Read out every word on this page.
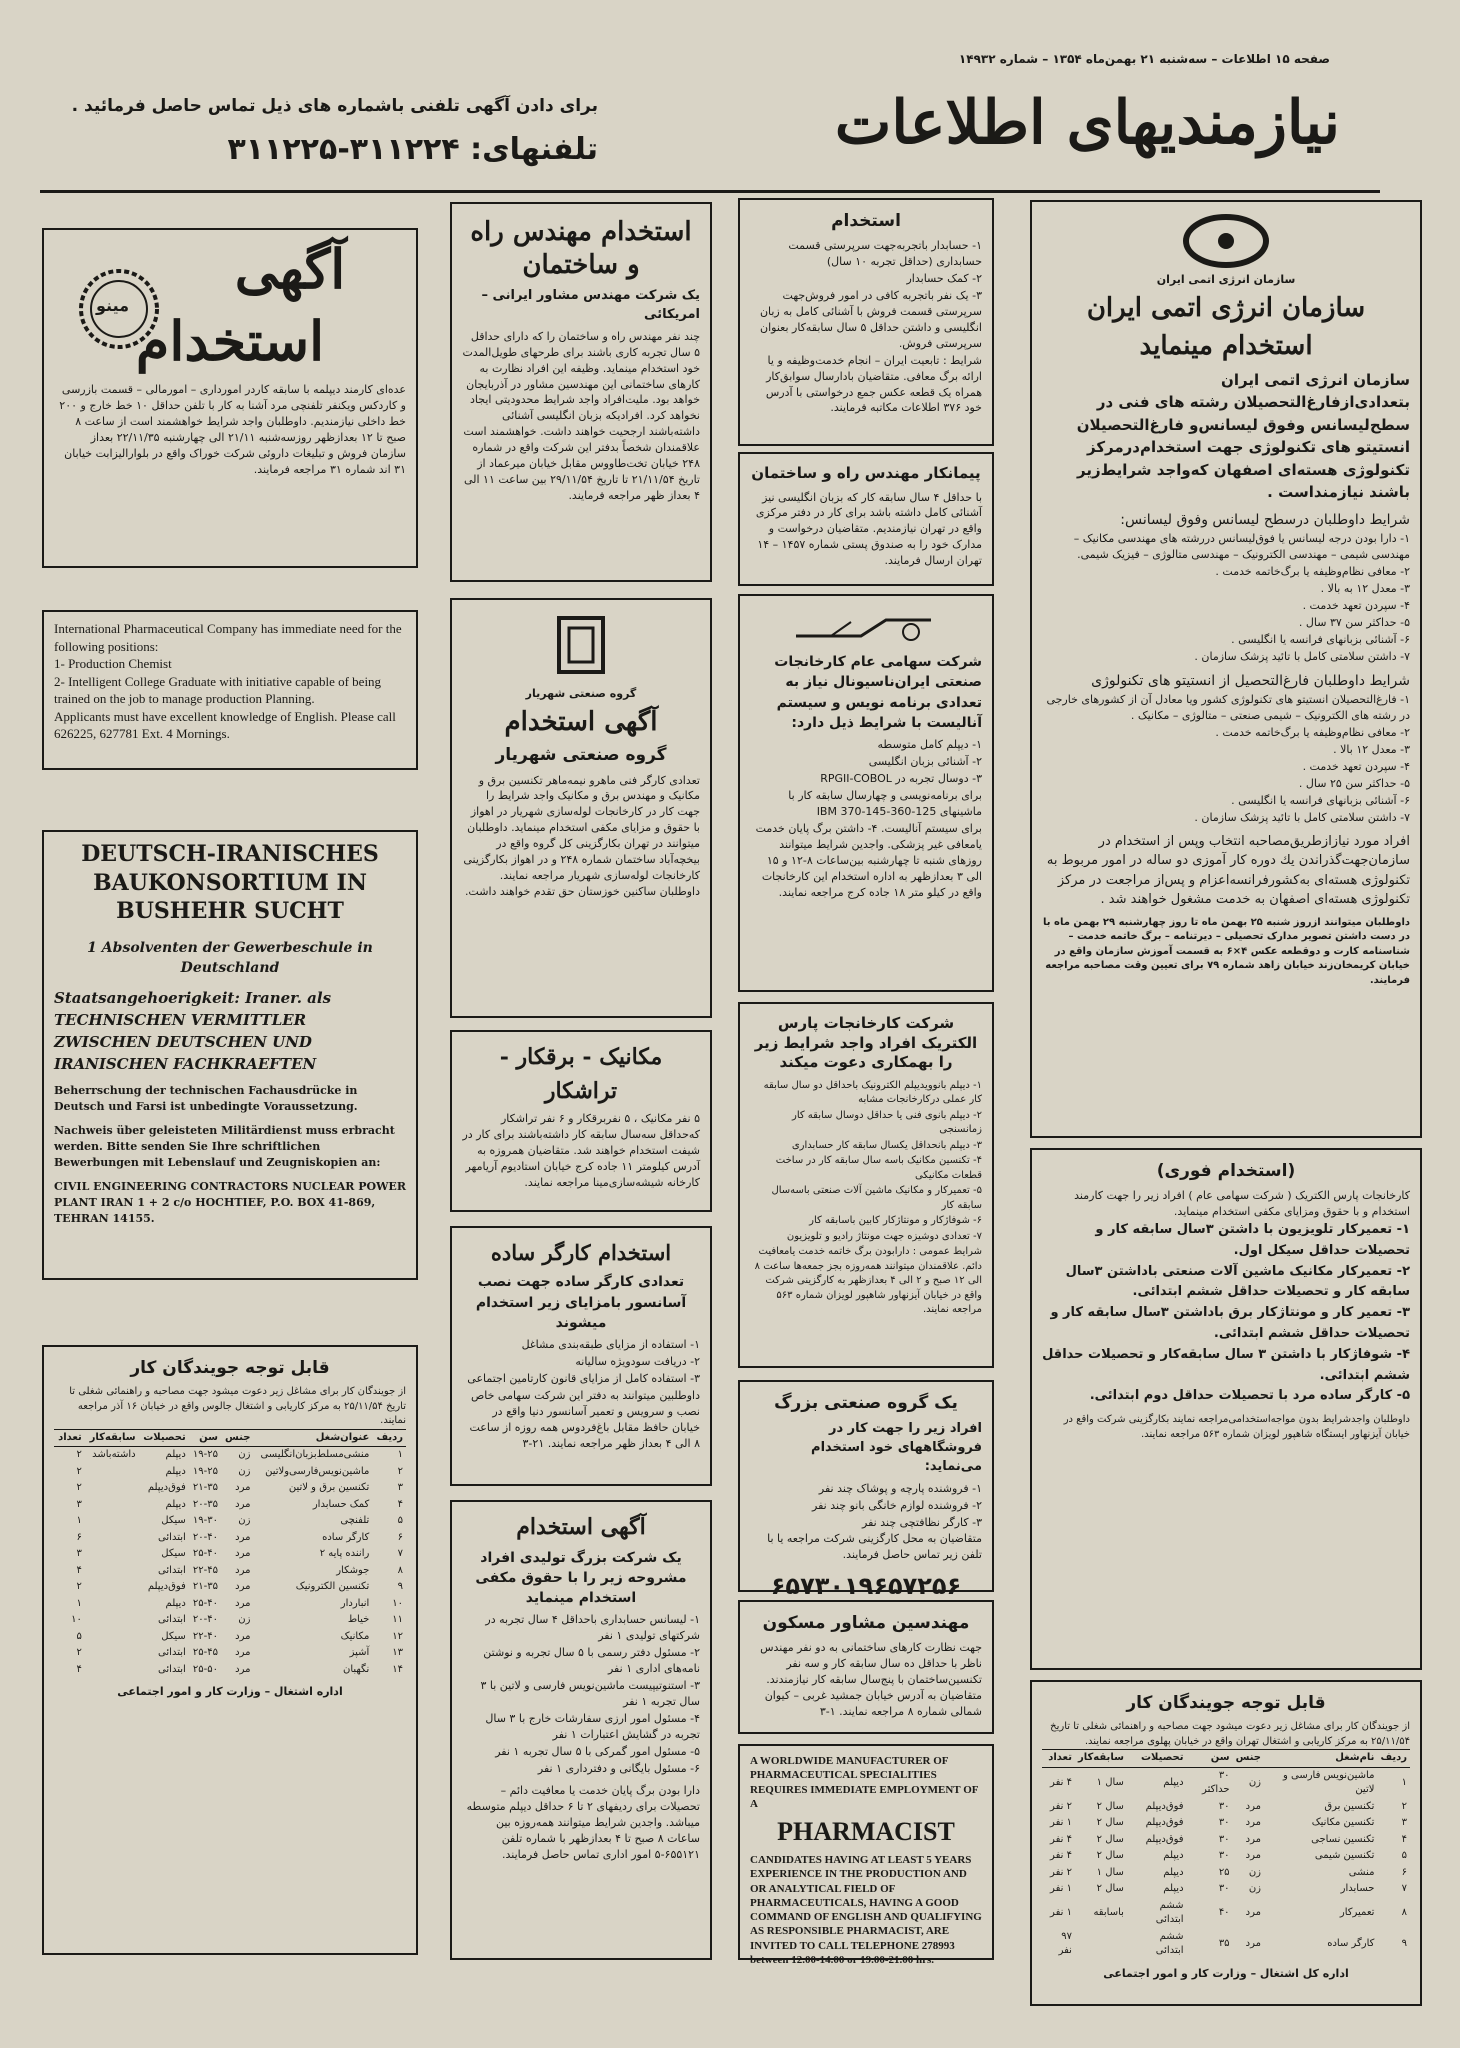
صفحه ۱۵ اطلاعات – سه‌شنبه ۲۱ بهمن‌ماه ۱۳۵۴ – شماره ۱۴۹۳۲
نیازمندیهای اطلاعات
برای دادن آگهی تلفنی باشماره های ذیل تماس حاصل فرمائید .
تلفنهای: ۳۱۱۲۲۴-۳۱۱۲۲۵
مینو
آگهی
استخدام
عده‌ای کارمند دیپلمه با سابقه کاردر امورداری – امورمالی – قسمت بازرسی و کاردکس ویکنفر تلفنچی مرد آشنا به کار با تلفن حداقل ۱۰ خط خارج و ۲۰۰ خط داخلی نیازمندیم. داوطلبان واجد شرایط خواهشمند است از ساعت ۸ صبح تا ۱۲ بعدازظهر روزسه‌شنبه ۲۱/۱۱ الی چهارشنبه ۲۲/۱۱/۳۵ بعداز سازمان فروش و تبلیغات داروئی شرکت خوراک واقع در بلوارالیزابت خیابان ۳۱ اند شماره ۳۱ مراجعه فرمایند.
International Pharmaceutical Company has immediate need for the following positions:
1- Production Chemist
2- Intelligent College Graduate with initiative capable of being trained on the job to manage production Planning.
Applicants must have excellent knowledge of English. Please call 626225, 627781 Ext. 4 Mornings.
DEUTSCH-IRANISCHES BAUKONSORTIUM IN BUSHEHR SUCHT
1 Absolventen der Gewerbeschule in Deutschland
Staatsangehoerigkeit: Iraner. als TECHNISCHEN VERMITTLER ZWISCHEN DEUTSCHEN UND IRANISCHEN FACHKRAEFTEN
Beherrschung der technischen Fachausdrücke in Deutsch und Farsi ist unbedingte Voraussetzung.
Nachweis über geleisteten Militärdienst muss erbracht werden. Bitte senden Sie Ihre schriftlichen Bewerbungen mit Lebenslauf und Zeugniskopien an:
CIVIL ENGINEERING CONTRACTORS NUCLEAR POWER PLANT IRAN 1 + 2 c/o HOCHTIEF, P.O. BOX 41-869, TEHRAN 14155.
قابل توجه جویندگان کار
از جویندگان کار برای مشاغل زیر دعوت میشود جهت مصاحبه و راهنمائی شغلی تا تاریخ ۲۵/۱۱/۵۴ به مرکز کاریابی و اشتغال جالوس واقع در خیابان ۱۶ آذر مراجعه نمایند.
ردیف	عنوان‌شغل	جنس	سن	تحصیلات	سابقه‌کار	تعداد
۱	منشی‌مسلط‌بزبان‌انگلیسی	زن	۱۹-۲۵	دیپلم	داشته‌باشد	۲
۲	ماشین‌نویس‌فارسی‌ولاتین	زن	۱۹-۲۵	دیپلم		۲
۳	تکنسین برق و لاتین	مرد	۲۱-۳۵	فوق‌دیپلم		۲
۴	کمک حسابدار	مرد	۲۰-۳۵	دیپلم		۳
۵	تلفنچی	زن	۱۹-۳۰	سیکل		۱
۶	کارگر ساده	مرد	۲۰-۴۰	ابتدائی		۶
۷	راننده پایه ۲	مرد	۲۵-۴۰	سیکل		۳
۸	جوشکار	مرد	۲۲-۴۵	ابتدائی		۴
۹	تکنسین الکترونیک	مرد	۲۱-۳۵	فوق‌دیپلم		۲
۱۰	انباردار	مرد	۲۵-۴۰	دیپلم		۱
۱۱	خیاط	زن	۲۰-۴۰	ابتدائی		۱۰
۱۲	مکانیک	مرد	۲۲-۴۰	سیکل		۵
۱۳	آشپز	مرد	۲۵-۴۵	ابتدائی		۲
۱۴	نگهبان	مرد	۲۵-۵۰	ابتدائی		۴
اداره اشتغال – وزارت کار و امور اجتماعی
استخدام مهندس راه و ساختمان
یک شرکت مهندس مشاور ایرانی – امریکائی
چند نفر مهندس راه و ساختمان را که دارای حداقل ۵ سال تجربه کاری باشند برای طرحهای طویل‌المدت خود استخدام مینماید. وظیفه این افراد نظارت به کارهای ساختمانی این مهندسین مشاور در آذربایجان خواهد بود. ملیت‌افراد واجد شرایط محدودیتی ایجاد نخواهد کرد. افرادیکه بزبان انگلیسی آشنائی داشته‌باشند ارجحیت خواهند داشت. خواهشمند است علاقمندان شخصاً بدفتر این شرکت واقع در شماره ۲۴۸ خیابان تخت‌طاووس مقابل خیابان میرعماد از تاریخ ۲۱/۱۱/۵۴ تا تاریخ ۲۹/۱۱/۵۴ بین ساعت ۱۱ الی ۴ بعداز ظهر مراجعه فرمایند.
گروه صنعتی شهریار
آگهی استخدام
گروه صنعتی شهریار
تعدادی کارگر فنی ماهرو نیمه‌ماهر تکنسین برق و مکانیک و مهندس برق و مکانیک واجد شرایط را جهت کار در کارخانجات لوله‌سازی شهریار در اهواز با حقوق و مزایای مکفی استخدام مینماید. داوطلبان میتوانند در تهران بکارگزینی کل گروه واقع در بیخچه‌آباد ساختمان شماره ۲۴۸ و در اهواز بکارگزینی کارخانجات لوله‌سازی شهریار مراجعه نمایند. داوطلبان ساکنین خوزستان حق تقدم خواهند داشت.
مکانیک - برقکار -
تراشکار
۵ نفر مکانیک ، ۵ نفربرقکار و ۶ نفر تراشکار که‌حداقل سه‌سال سابقه کار داشته‌باشند برای کار در شیفت استخدام خواهند شد. متقاضیان همروزه به آدرس کیلومتر ۱۱ جاده کرج خیابان استادیوم آریامهر کارخانه شیشه‌سازی‌مینا مراجعه نمایند.
استخدام کارگر ساده
تعدادی کارگر ساده جهت نصب آسانسور بامزایای زیر استخدام میشوند
۱- استفاده از مزایای طبقه‌بندی مشاغل
۲- دریافت سودویژه سالیانه
۳- استفاده کامل از مزایای قانون کارتامین اجتماعی
داوطلبین میتوانند به دفتر این شرکت سهامی خاص نصب و سرویس و تعمیر آسانسور دنیا واقع در خیابان حافظ مقابل باغ‌فردوس همه روزه از ساعت ۸ الی ۴ بعداز ظهر مراجعه نمایند. ۲۱-۳
آگهی استخدام
یک شرکت بزرگ تولیدی افراد مشروحه زیر را با حقوق مکفی استخدام مینماید
۱- لیسانس حسابداری باحداقل ۴ سال تجربه در شرکتهای تولیدی ۱ نفر
۲- مسئول دفتر رسمی با ۵ سال تجربه و نوشتن نامه‌های اداری ۱ نفر
۳- استنوتیپیست ماشین‌نویس فارسی و لاتین با ۳ سال تجربه ۱ نفر
۴- مسئول امور ارزی سفارشات خارج با ۳ سال تجربه در گشایش اعتبارات ۱ نفر
۵- مسئول امور گمرکی با ۵ سال تجربه ۱ نفر
۶- مسئول بایگانی و دفترداری ۱ نفر
دارا بودن برگ پایان خدمت یا معافیت دائم – تحصیلات برای ردیفهای ۲ تا ۶ حداقل دیپلم متوسطه میباشد. واجدین شرایط میتوانند همه‌روزه بین ساعات ۸ صبح تا ۴ بعدازظهر با شماره تلفن ۶۵۵۱۲۱-۵ امور اداری تماس حاصل فرمایند.
استخدام
۱- حسابدار باتجربه‌جهت سرپرستی قسمت حسابداری (حداقل تجربه ۱۰ سال)
۲- کمک حسابدار
۳- یک نفر باتجربه کافی در امور فروش‌جهت سرپرستی قسمت فروش با آشنائی کامل به زبان انگلیسی و داشتن حداقل ۵ سال سابقه‌کار بعنوان سرپرستی فروش.
شرایط : تابعیت ایران – انجام خدمت‌وظیفه و یا ارائه برگ معافی. متقاضیان بادارسال سوابق‌کار همراه یک قطعه عکس جمع درخواستی با آدرس خود ۳۷۶ اطلاعات مکاتبه فرمایند.
پیمانکار مهندس راه و ساختمان
با حداقل ۴ سال سابقه کار که بزبان انگلیسی نیز آشنائی کامل داشته باشد برای کار در دفتر مرکزی واقع در تهران نیازمندیم. متقاضیان درخواست و مدارک خود را به صندوق پستی شماره ۱۴۵۷ – ۱۴ تهران ارسال فرمایند.
شرکت سهامی عام کارخانجات صنعتی ایران‌ناسیونال نیاز به تعدادی برنامه نویس و سیستم آنالیست با شرایط ذیل دارد:
۱- دیپلم کامل متوسطه
۲- آشنائی بزبان انگلیسی
۳- دوسال تجربه در RPGII-COBOL
برای برنامه‌نویسی و چهارسال سابقه کار با ماشینهای IBM 370-145-360-125
برای سیستم آنالیست. ۴- داشتن برگ پایان خدمت یامعافی غیر پزشکی. واجدین شرایط میتوانند روزهای شنبه تا چهارشنبه بین‌ساعات ۸-۱۲ و ۱۵ الی ۳ بعدازظهر به اداره استخدام این کارخانجات واقع در کیلو متر ۱۸ جاده کرج مراجعه نمایند.
شرکت کارخانجات پارس الکتریک افراد واجد شرایط زیر را بهمکاری دعوت میکند
۱- دیپلم بانوویدیپلم الکترونیک باحداقل دو سال سابقه کار عملی درکارخانجات مشابه
۲- دیپلم بانوی فنی یا حداقل دوسال سابقه کار زمانسنجی
۳- دیپلم بانحداقل یکسال سابقه کار حسابداری
۴- تکنسین مکانیک باسه سال سابقه کار در ساخت قطعات مکانیکی
۵- تعمیرکار و مکانیک ماشین آلات صنعتی باسه‌سال سابقه کار
۶- شوفاژکار و مونتاژکار کابین باسابقه کار
۷- تعدادی دوشیزه جهت مونتاژ رادیو و تلویزیون
شرایط عمومی : دارابودن برگ خاتمه خدمت یامعافیت دائم. علاقمندان میتوانند همه‌روزه بجز جمعه‌ها ساعت ۸ الی ۱۲ صبح و ۲ الی ۴ بعدازظهر به کارگزینی شرکت واقع در خیابان آیزنهاور شاهپور لویزان شماره ۵۶۳ مراجعه نمایند.
یک گروه صنعتی بزرگ
افراد زیر را جهت کار در فروشگاههای خود استخدام می‌نماید:
۱- فروشنده پارچه و پوشاک چند نفر
۲- فروشنده لوازم خانگی بانو چند نفر
۳- کارگر نظافتچی چند نفر
متقاضیان به محل کارگزینی شرکت مراجعه یا با تلفن زیر تماس حاصل فرمایند.
۶۵۷۳۰۱۹۶۵۷۲۵۶
مهندسین مشاور مسکون
جهت نظارت کارهای ساختمانی به دو نفر مهندس ناظر با حداقل ده سال سابقه کار و سه نفر تکنسین‌ساختمان با پنج‌سال سابقه کار نیازمندند. متقاضیان به آدرس خیابان جمشید غربی – کیوان شمالی شماره ۸ مراجعه نمایند. ۱-۳
A WORLDWIDE MANUFACTURER OF PHARMACEUTICAL SPECIALITIES REQUIRES IMMEDIATE EMPLOYMENT OF A
PHARMACIST
CANDIDATES HAVING AT LEAST 5 YEARS EXPERIENCE IN THE PRODUCTION AND OR ANALYTICAL FIELD OF PHARMACEUTICALS, HAVING A GOOD COMMAND OF ENGLISH AND QUALIFYING AS RESPONSIBLE PHARMACIST, ARE INVITED TO CALL TELEPHONE 278993 between 12.00-14.00 or 19.00-21.00 hrs.
سازمان انرژی اتمی ایران
سازمان انرژی اتمی ایران
استخدام مینماید
سازمان انرژی اتمی ایران بتعدادی‌ازفارغ‌التحصیلان رشته های فنی در سطح‌لیسانس وفوق لیسانس‌و فارغ‌التحصیلان انستیتو های تکنولوژی جهت استخدام‌درمرکز تکنولوژی هسته‌ای اصفهان که‌واجد شرایط‌زیر باشند نیازمنداست .
شرایط داوطلبان درسطح لیسانس وفوق لیسانس:
۱- دارا بودن درجه لیسانس یا فوق‌لیسانس دررشته های مهندسی مکانیک – مهندسی شیمی – مهندسی الکترونیک – مهندسی متالوژی – فیزیک‌ شیمی.
۲- معافی نظام‌وظیفه یا برگ‌خاتمه خدمت .
۳- معدل ۱۲ به بالا .
۴- سپردن تعهد خدمت .
۵- حداکثر سن ۳۷ سال .
۶- آشنائی بزبانهای فرانسه یا انگلیسی .
۷- داشتن سلامتی کامل با تائید پزشک سازمان .
شرایط داوطلبان فارغ‌التحصیل از انستیتو های تکنولوژی
۱- فارغ‌التحصیلان انستیتو های تکنولوژی کشور ویا معادل آن از کشورهای خارجی در رشته های الکترونیک – شیمی صنعتی – متالوژی – مکانیک .
۲- معافی نظام‌وظیفه یا برگ‌خاتمه خدمت .
۳- معدل ۱۲ بالا .
۴- سپردن تعهد خدمت .
۵- حداکثر سن ۲۵ سال .
۶- آشنائی بزبانهای فرانسه یا انگلیسی .
۷- داشتن سلامتی کامل با تائید پزشک سازمان .
افراد مورد نیازازطریق‌مصاحبه انتخاب وپس از استخدام در سازمان‌جهت‌گذراندن یك دوره كار آموزی دو ساله در امور مربوط به تكنولوژی هسته‌ای به‌کشورفرانسه‌اعزام و پس‌از مراجعت در مرکز تکنولوژی هسته‌ای اصفهان به خدمت مشغول خواهند شد .
داوطلبان میتوانند ازروز شنبه ۲۵ بهمن ماه تا روز چهارشنبه ۲۹ بهمن ماه با در دست داشتن تصویر مدارک تحصیلی – دیرتنامه – برگ خاتمه خدمت – شناسنامه کارت و دوقطعه عکس ۴×۶ به قسمت آموزش سازمان واقع در خیابان کریمخان‌زند خیابان زاهد شماره ۷۹ برای تعیین وقت مصاحبه مراجعه فرمایند.
(استخدام فوری)
کارخانجات پارس الکتریک ( شرکت سهامی عام ) افراد زیر را جهت کارمند استخدام و با حقوق ومزایای مکفی استخدام مینماید.
۱- تعمیرکار تلویزیون با داشتن ۳سال سابقه کار و تحصیلات حداقل سیکل اول.
۲- تعمیرکار مکانیک ماشین آلات صنعتی باداشتن ۳سال سابقه کار و تحصیلات حداقل ششم ابتدائی.
۳- تعمیر کار و مونتاژکار برق باداشتن ۳سال سابقه کار و تحصیلات حداقل ششم ابتدائی.
۴- شوفاژکار با داشتن ۳ سال سابقه‌کار و تحصیلات حداقل ششم ابتدائی.
۵- کارگر ساده مرد با تحصیلات حداقل دوم ابتدائی.
داوطلبان واجدشرایط بدون مواجه‌استخدامی‌مراجعه‌ نمایند بکارگزینی شرکت واقع در خیابان آیزنهاور ایستگاه شاهپور لویزان شماره ۵۶۳ مراجعه نمایند.
قابل توجه جویندگان کار
از جویندگان کار برای مشاغل زیر دعوت میشود جهت مصاحبه و راهنمائی شغلی تا تاریخ ۲۵/۱۱/۵۴ به مرکز کاریابی و اشتغال تهران واقع در خیابان پهلوی مراجعه نمایند.
ردیف	نام‌شغل	جنس	سن	تحصیلات	سابقه‌کار	تعداد
۱	ماشین‌نویس فارسی و لاتین	زن	۳۰ حداکثر	دیپلم	سال ۱	۴ نفر
۲	تکنسین برق	مرد	۳۰	فوق‌دیپلم	سال ۲	۲ نفر
۳	تکنسین مکانیک	مرد	۳۰	فوق‌دیپلم	سال ۲	۱ نفر
۴	تکنسین نساجی	مرد	۳۰	فوق‌دیپلم	سال ۲	۴ نفر
۵	تکنسین شیمی	مرد	۳۰	دیپلم	سال ۲	۴ نفر
۶	منشی	زن	۲۵	دیپلم	سال ۱	۲ نفر
۷	حسابدار	زن	۳۰	دیپلم	سال ۲	۱ نفر
۸	تعمیرکار	مرد	۴۰	ششم ابتدائی	باسابقه	۱ نفر
۹	کارگر ساده	مرد	۳۵	ششم ابتدائی		۹۷ نفر
اداره کل اشتغال – وزارت کار و امور اجتماعی
